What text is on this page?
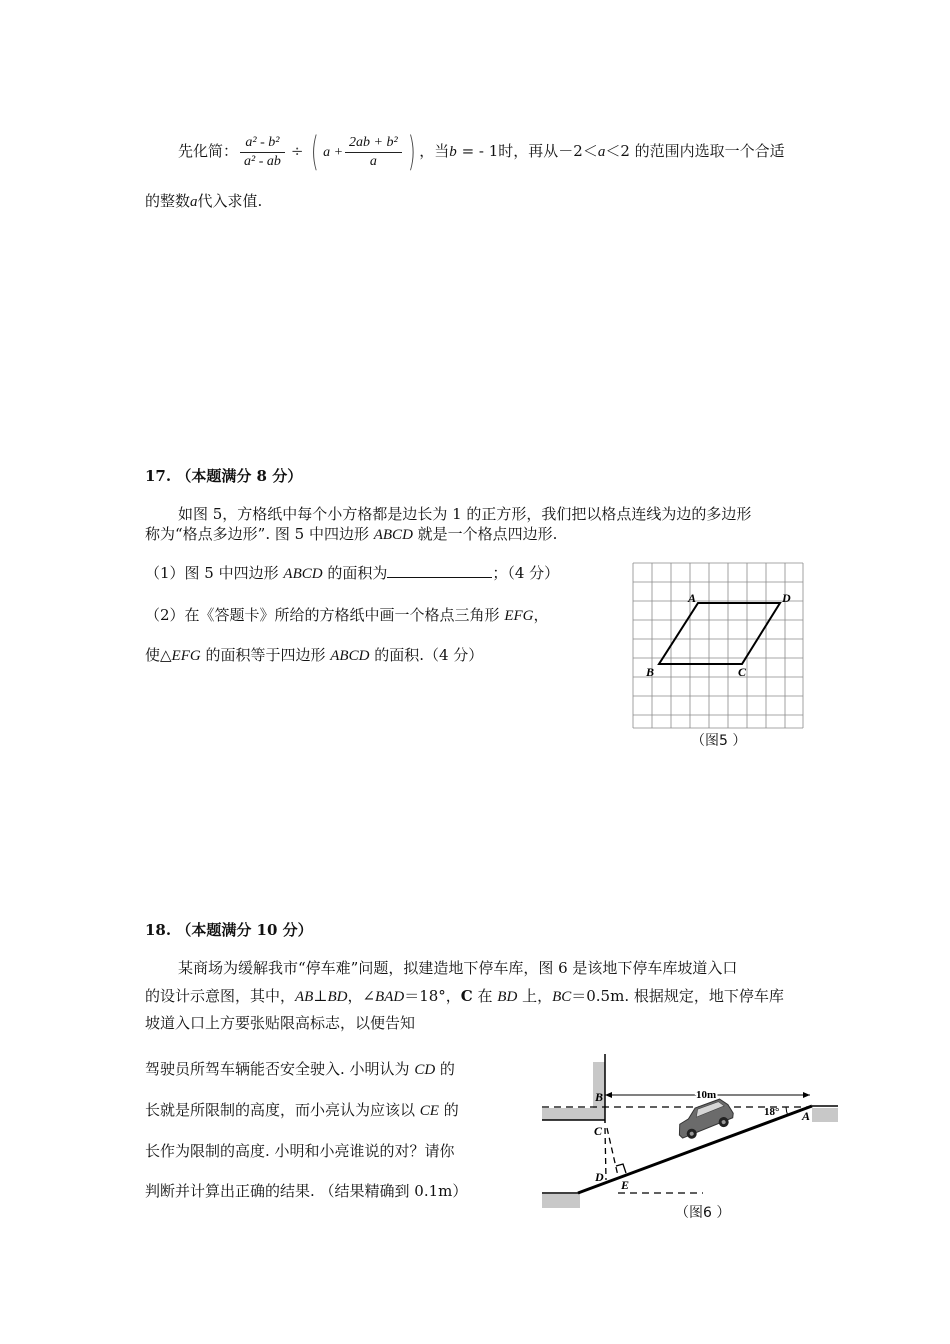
先化简： $\frac{\text{a² - b²}}{\text{a² - ab}}$ ÷ ( $a + \frac{\text{2ab + b²}}{a}$ ) ，当b = - 1时，再从－2＜a＜2 的范围内选取一个合适
的整数a代入求值.
17. （本题满分 8 分）
如图 5，方格纸中每个小方格都是边长为 1 的正方形，我们把以格点连线为边的多边形
称为“格点多边形”. 图 5 中四边形 ABCD 就是一个格点四边形.
（1）图 5 中四边形 ABCD 的面积为	；（4 分）
（2）在《答题卡》所给的方格纸中画一个格点三角形 EFG，
使△EFG 的面积等于四边形 ABCD 的面积.（4 分）
A	D
B	C
（图5 ）
18. （本题满分 10 分）
某商场为缓解我市“停车难”问题，拟建造地下停车库，图 6 是该地下停车库坡道入口
的设计示意图，其中，AB⊥BD，∠BAD＝18°，C 在 BD 上，BC＝0.5m. 根据规定，地下停车库
坡道入口上方要张贴限高标志，以便告知
驾驶员所驾车辆能否安全驶入. 小明认为 CD 的
长就是所限制的高度，而小亮认为应该以 CE 的
长作为限制的高度. 小明和小亮谁说的对？请你
判断并计算出正确的结果. （结果精确到 0.1m）
10m
18°
B
A
C
D
E
（图6 ）
